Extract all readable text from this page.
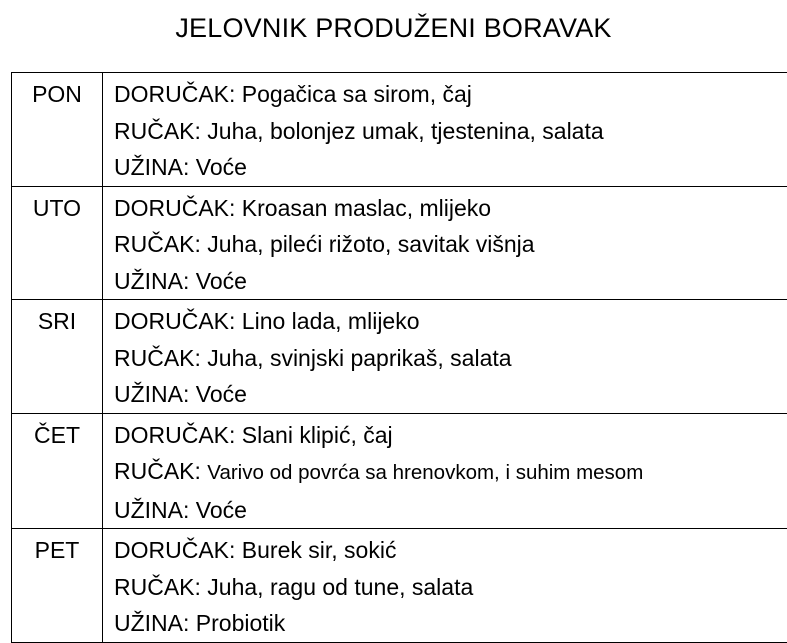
JELOVNIK PRODUŽENI BORAVAK
PON	DORUČAK: Pogačica sa sirom, čaj
RUČAK: Juha, bolonjez umak, tjestenina, salata
UŽINA: Voće

UTO	DORUČAK: Kroasan maslac, mlijeko
RUČAK: Juha, pileći rižoto, savitak višnja
UŽINA: Voće

SRI	DORUČAK: Lino lada, mlijeko
RUČAK: Juha, svinjski paprikaš, salata
UŽINA: Voće

ČET	DORUČAK: Slani klipić, čaj
RUČAK: Varivo od povrća sa hrenovkom, i suhim mesom
UŽINA: Voće

PET	DORUČAK: Burek sir, sokić
RUČAK: Juha, ragu od tune, salata
UŽINA: Probiotik
